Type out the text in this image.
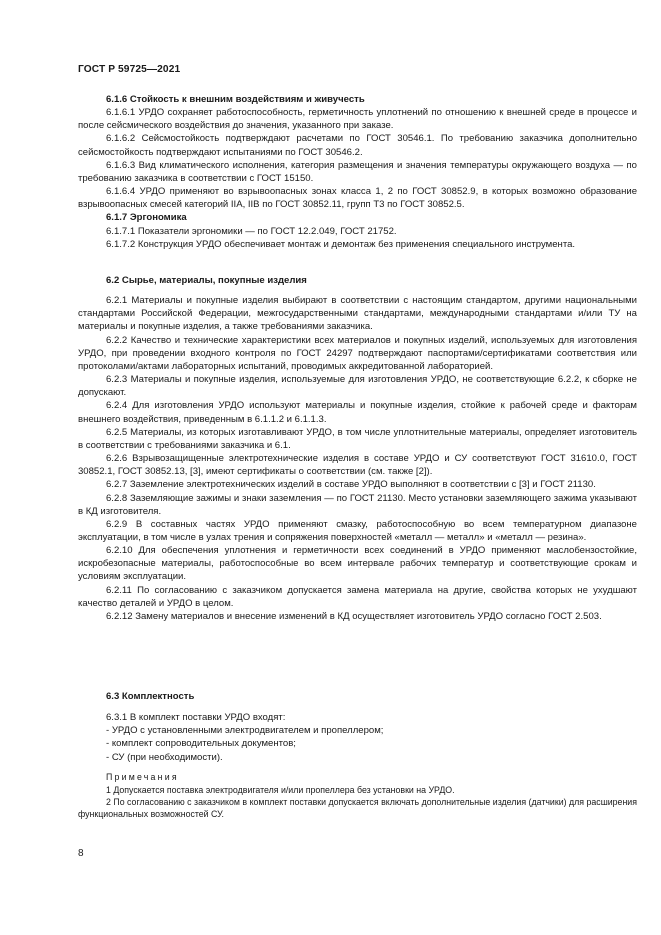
ГОСТ Р 59725—2021

6.1.6 Стойкость к внешним воздействиям и живучесть

6.1.6.1 УРДО сохраняет работоспособность, герметичность уплотнений по отношению к внешней среде в процессе и после сейсмического воздействия до значения, указанного при заказе.

6.1.6.2 Сейсмостойкость подтверждают расчетами по ГОСТ 30546.1. По требованию заказчика дополнительно сейсмостойкость подтверждают испытаниями по ГОСТ 30546.2.

6.1.6.3 Вид климатического исполнения, категория размещения и значения температуры окружающего воздуха — по требованию заказчика в соответствии с ГОСТ 15150.

6.1.6.4 УРДО применяют во взрывоопасных зонах класса 1, 2 по ГОСТ 30852.9, в которых возможно образование взрывоопасных смесей категорий IIA, IIB по ГОСТ 30852.11, групп Т3 по ГОСТ 30852.5.

6.1.7 Эргономика

6.1.7.1 Показатели эргономики — по ГОСТ 12.2.049, ГОСТ 21752.

6.1.7.2 Конструкция УРДО обеспечивает монтаж и демонтаж без применения специального инструмента.

6.2 Сырье, материалы, покупные изделия

6.2.1 Материалы и покупные изделия выбирают в соответствии с настоящим стандартом, другими национальными стандартами Российской Федерации, межгосударственными стандартами, международными стандартами и/или ТУ на материалы и покупные изделия, а также требованиями заказчика.

6.2.2 Качество и технические характеристики всех материалов и покупных изделий, используемых для изготовления УРДО, при проведении входного контроля по ГОСТ 24297 подтверждают паспортами/сертификатами соответствия или протоколами/актами лабораторных испытаний, проводимых аккредитованной лабораторией.

6.2.3 Материалы и покупные изделия, используемые для изготовления УРДО, не соответствующие 6.2.2, к сборке не допускают.

6.2.4 Для изготовления УРДО используют материалы и покупные изделия, стойкие к рабочей среде и факторам внешнего воздействия, приведенным в 6.1.1.2 и 6.1.1.3.

6.2.5 Материалы, из которых изготавливают УРДО, в том числе уплотнительные материалы, определяет изготовитель в соответствии с требованиями заказчика и 6.1.

6.2.6 Взрывозащищенные электротехнические изделия в составе УРДО и СУ соответствуют ГОСТ 31610.0, ГОСТ 30852.1, ГОСТ 30852.13, [3], имеют сертификаты о соответствии (см. также [2]).

6.2.7 Заземление электротехнических изделий в составе УРДО выполняют в соответствии с [3] и ГОСТ 21130.

6.2.8 Заземляющие зажимы и знаки заземления — по ГОСТ 21130. Место установки заземляющего зажима указывают в КД изготовителя.

6.2.9 В составных частях УРДО применяют смазку, работоспособную во всем температурном диапазоне эксплуатации, в том числе в узлах трения и сопряжения поверхностей «металл — металл» и «металл — резина».

6.2.10 Для обеспечения уплотнения и герметичности всех соединений в УРДО применяют маслобензостойкие, искробезопасные материалы, работоспособные во всем интервале рабочих температур и соответствующие срокам и условиям эксплуатации.

6.2.11 По согласованию с заказчиком допускается замена материала на другие, свойства которых не ухудшают качество деталей и УРДО в целом.

6.2.12 Замену материалов и внесение изменений в КД осуществляет изготовитель УРДО согласно ГОСТ 2.503.

6.3 Комплектность

6.3.1 В комплект поставки УРДО входят:

- УРДО с установленными электродвигателем и пропеллером;

- комплект сопроводительных документов;

- СУ (при необходимости).

Примечания

1 Допускается поставка электродвигателя и/или пропеллера без установки на УРДО.

2 По согласованию с заказчиком в комплект поставки допускается включать дополнительные изделия (датчики) для расширения функциональных возможностей СУ.

8
